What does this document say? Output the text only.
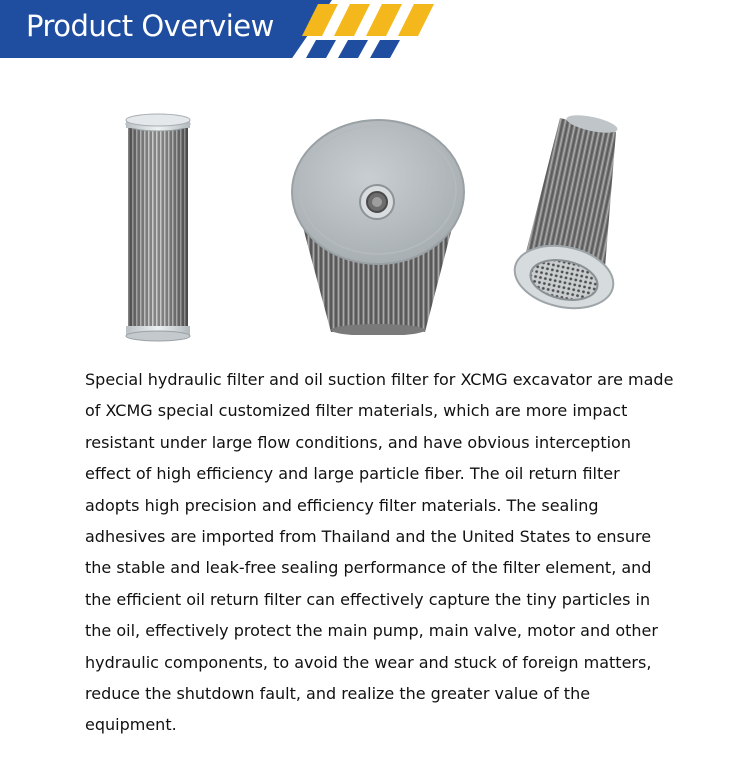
Product Overview

Special hydraulic filter and oil suction filter for XCMG excavator are made of XCMG special customized filter materials, which are more impact resistant under large flow conditions, and have obvious interception effect of high efficiency and large particle fiber. The oil return filter adopts high precision and efficiency filter materials. The sealing adhesives are imported from Thailand and the United States to ensure the stable and leak-free sealing performance of the filter element, and the efficient oil return filter can effectively capture the tiny particles in the oil, effectively protect the main pump, main valve, motor and other hydraulic components, to avoid the wear and stuck of foreign matters, reduce the shutdown fault, and realize the greater value of the equipment.
